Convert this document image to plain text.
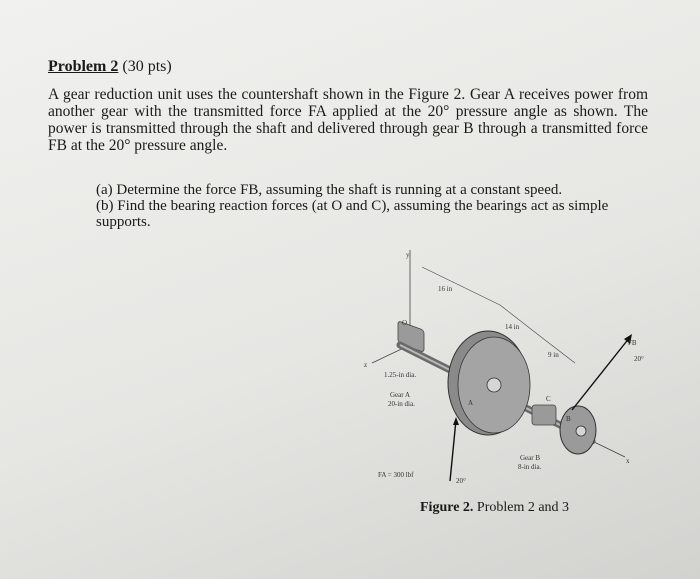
Problem 2 (30 pts)
A gear reduction unit uses the countershaft shown in the Figure 2. Gear A receives power from another gear with the transmitted force FA applied at the 20° pressure angle as shown. The power is transmitted through the shaft and delivered through gear B through a transmitted force FB at the 20° pressure angle.
(a) Determine the force FB, assuming the shaft is running at a constant speed.
(b) Find the bearing reaction forces (at O and C), assuming the bearings act as simple supports.
y
z
x
16 in
14 in
9 in
O
1.25-in dia.
A
Gear A
20-in dia.
FA = 300 lbf
20°
C
B
Gear B
8-in dia.
FB
20°
Figure 2. Problem 2 and 3
